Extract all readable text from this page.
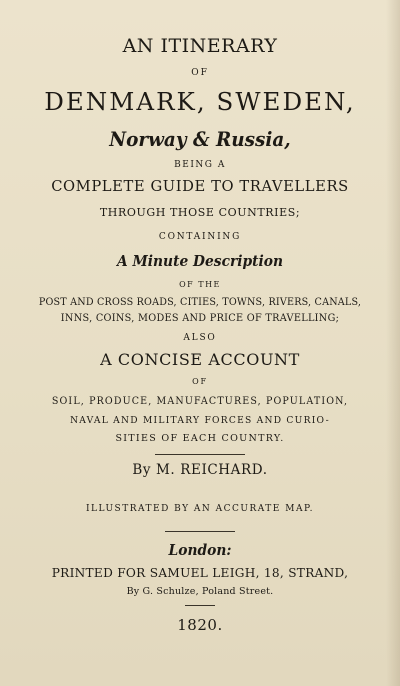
AN ITINERARY
OF
DENMARK, SWEDEN,
Norway & Russia,
BEING A
COMPLETE GUIDE TO TRAVELLERS
THROUGH THOSE COUNTRIES;
CONTAINING
A Minute Description
OF THE
POST AND CROSS ROADS, CITIES, TOWNS, RIVERS, CANALS,
INNS, COINS, MODES AND PRICE OF TRAVELLING;
ALSO
A CONCISE ACCOUNT
OF
SOIL, PRODUCE, MANUFACTURES, POPULATION,
NAVAL AND MILITARY FORCES AND CURIO-
SITIES OF EACH COUNTRY.
By M. REICHARD.
ILLUSTRATED BY AN ACCURATE MAP.
London:
PRINTED FOR SAMUEL LEIGH, 18, STRAND,
By G. Schulze, Poland Street.
1820.
